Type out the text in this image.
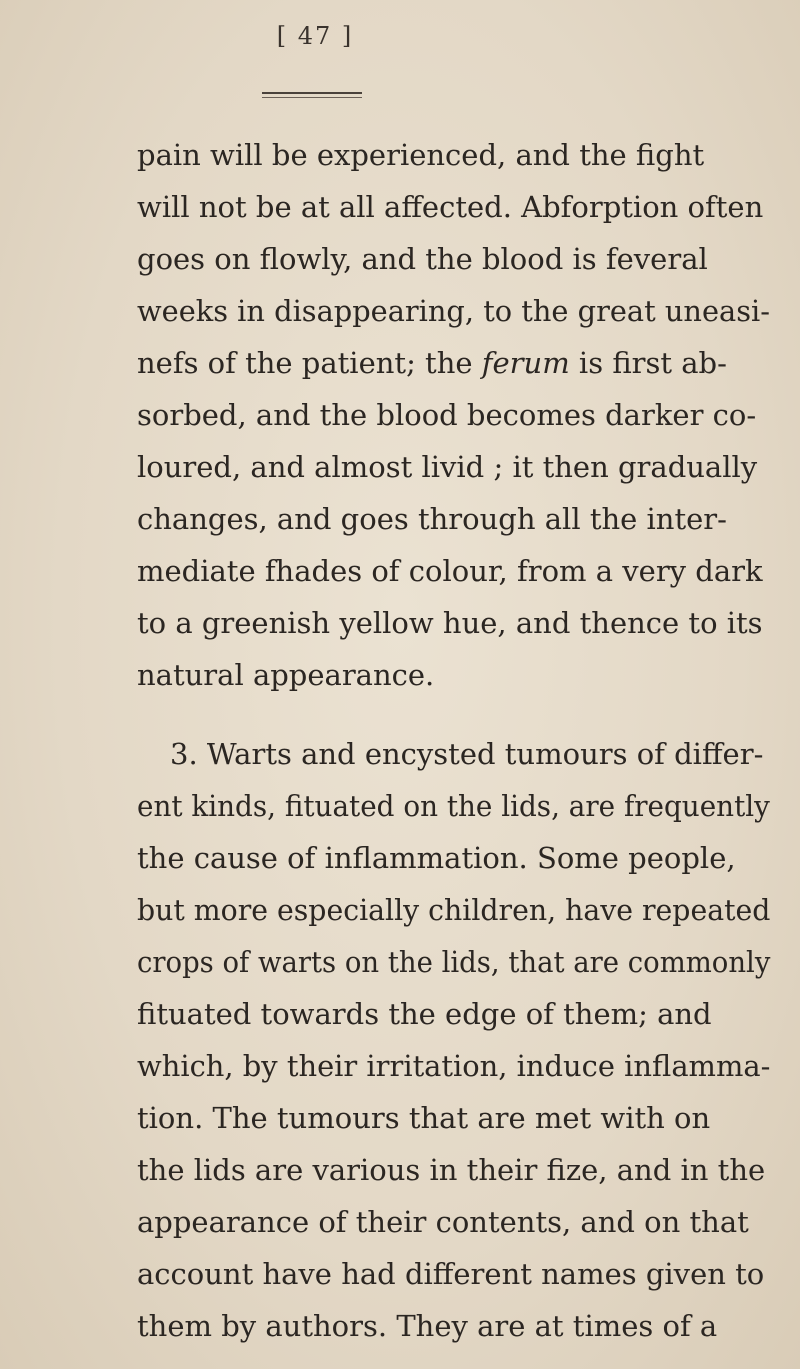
[ 47 ]
pain will be experienced, and the fight
will not be at all affected. Abforption often
goes on flowly, and the blood is feveral
weeks in disappearing, to the great uneasi-
nefs of the patient; the ferum is first ab-
sorbed, and the blood becomes darker co-
loured, and almost livid ; it then gradually
changes, and goes through all the inter-
mediate fhades of colour, from a very dark
to a greenish yellow hue, and thence to its
natural appearance.
3. Warts and encysted tumours of differ-
ent kinds, fituated on the lids, are frequently
the cause of inflammation. Some people,
but more especially children, have repeated
crops of warts on the lids, that are commonly
fituated towards the edge of them; and
which, by their irritation, induce inflamma-
tion. The tumours that are met with on
the lids are various in their fize, and in the
appearance of their contents, and on that
account have had different names given to
them by authors. They are at times of a
